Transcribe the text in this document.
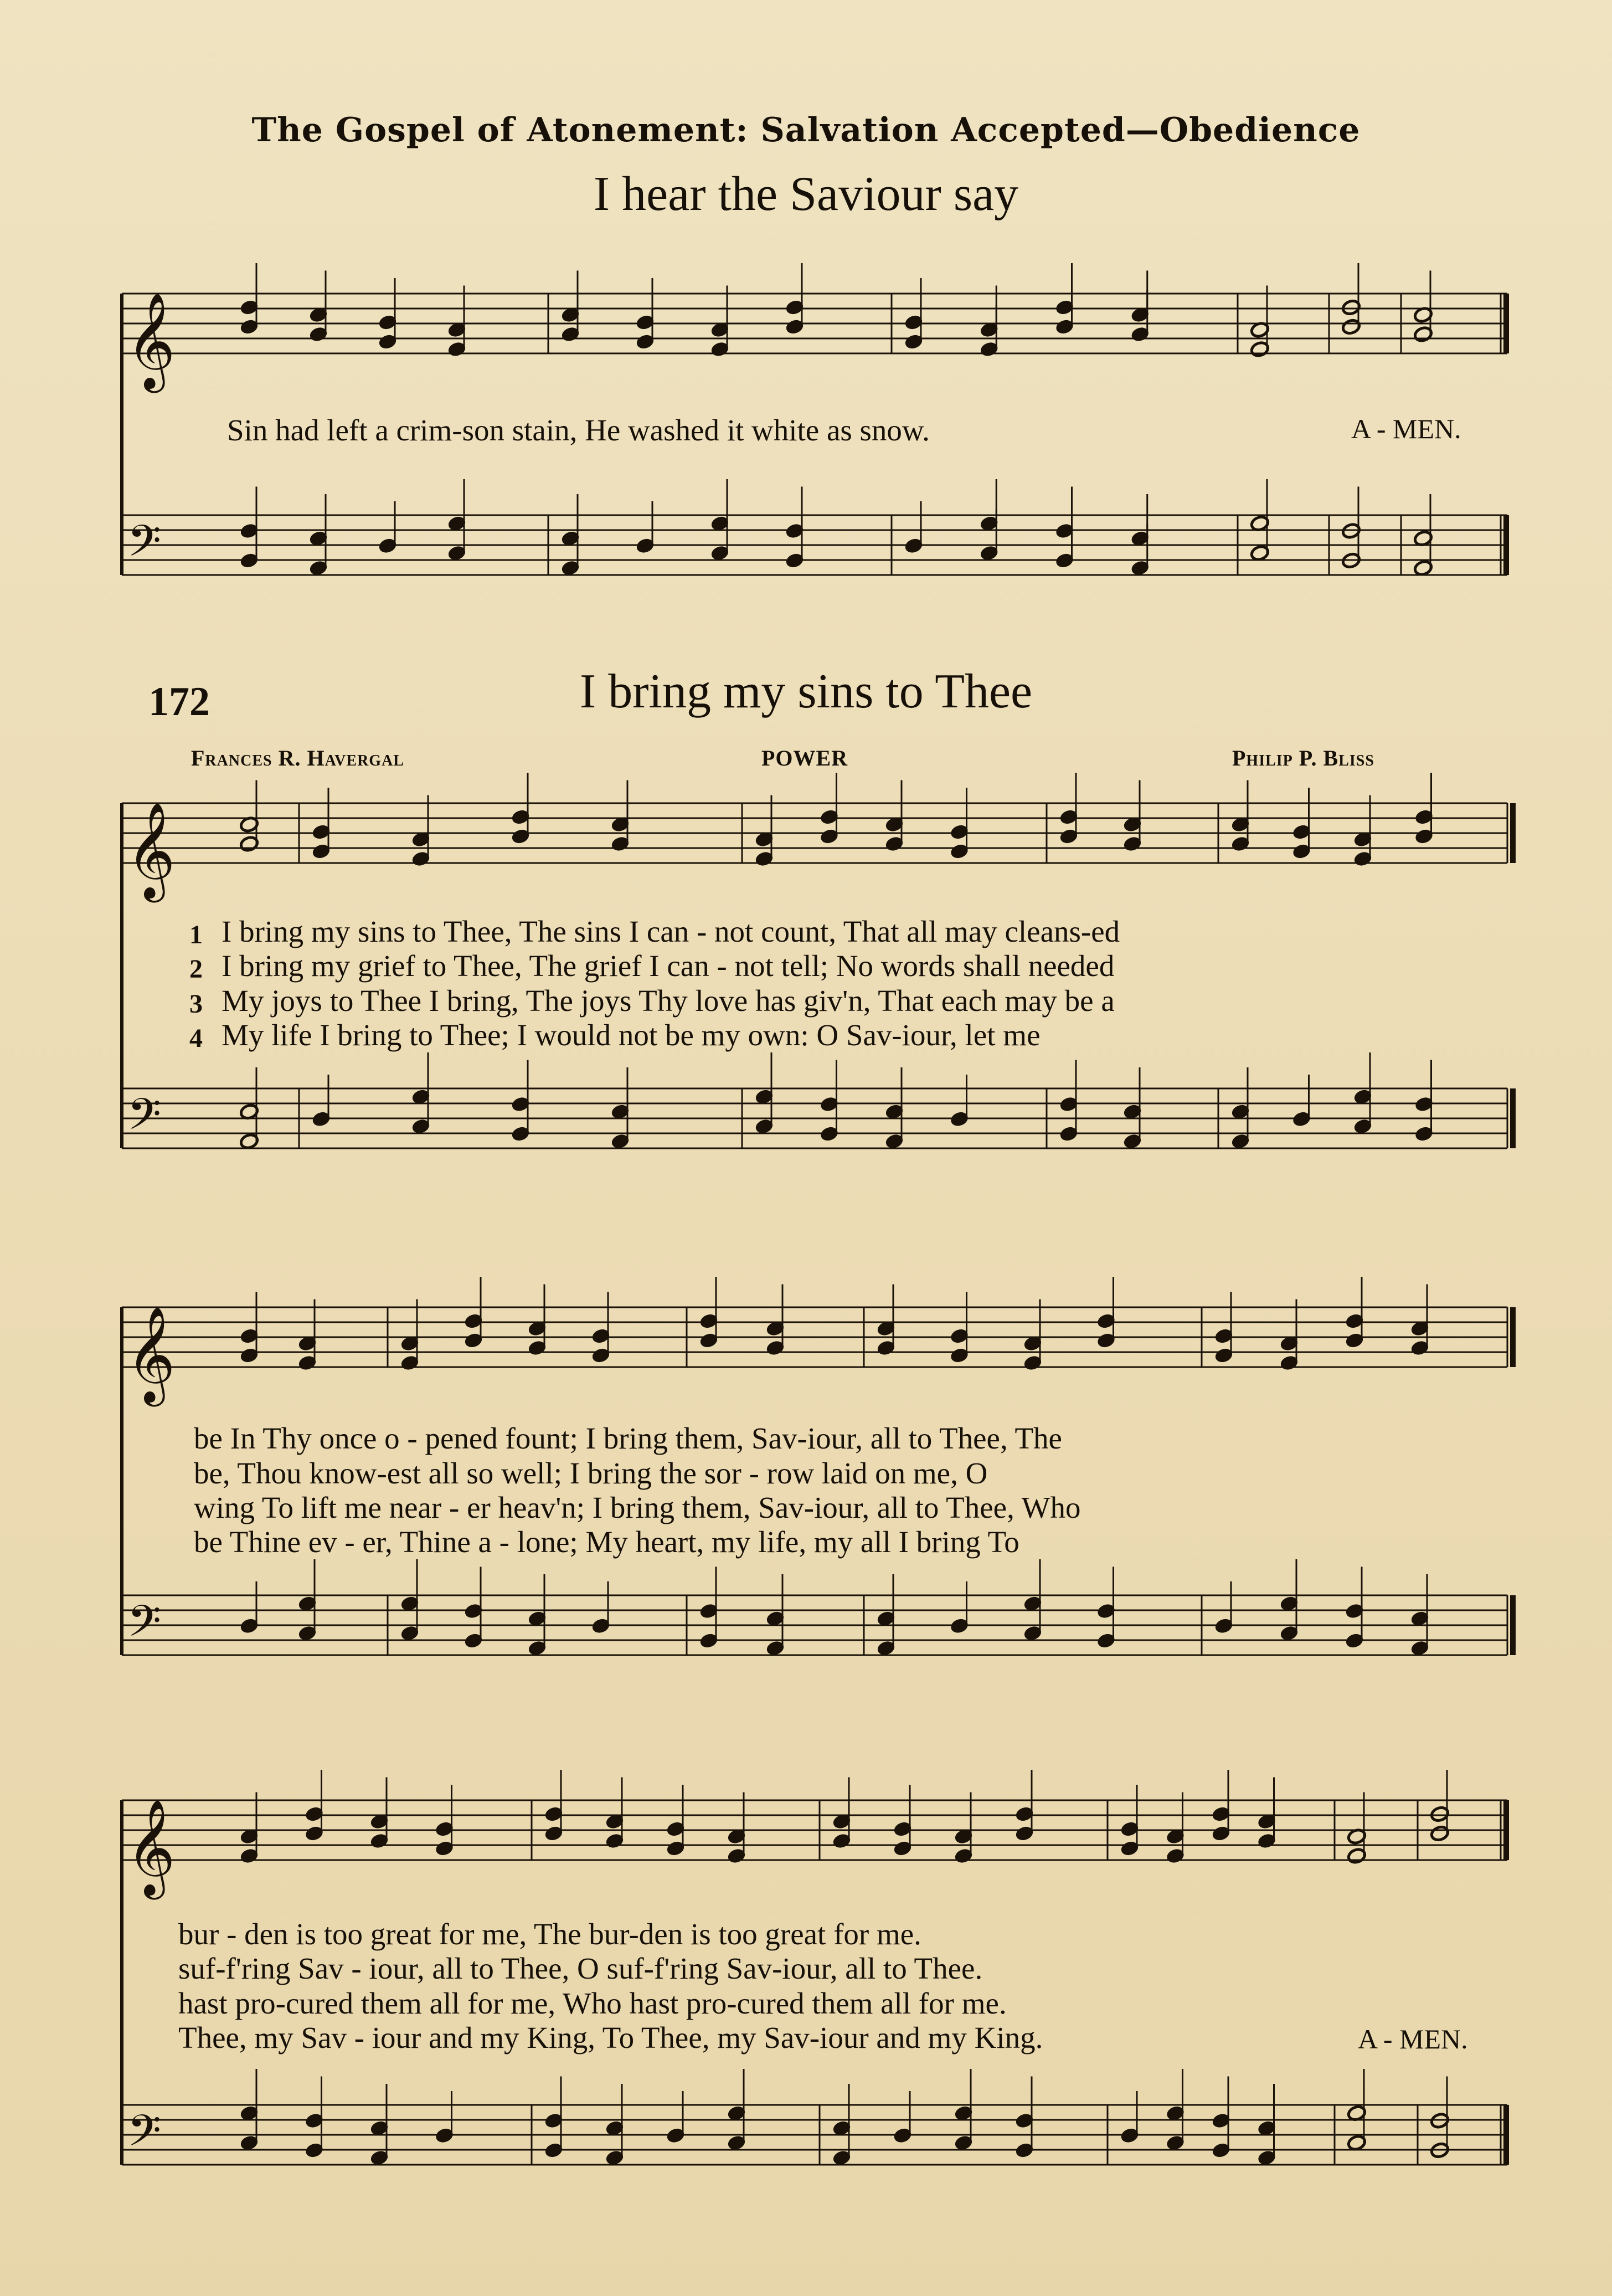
The Gospel of Atonement: Salvation Accepted—Obedience
I hear the Saviour say
𝄞
𝄢
𝄞
𝄢
𝄞
𝄢
𝄞
𝄢
Sin had left a crim-son stain, He washed it white as snow.	A - MEN.
172	I bring my sins to Thee
Frances R. Havergal	POWER	Philip P. Bliss
1
2
3
4
I bring my sins to Thee, The sins I can - not count, That all may cleans-ed
I bring my grief to Thee, The grief I can - not tell; No words shall needed
My joys to Thee I bring, The joys Thy love has giv'n, That each may be a
My life I bring to Thee; I would not be my own: O Sav-iour, let me
be In Thy once o - pened fount; I bring them, Sav-iour, all to Thee, The
be, Thou know-est all so well; I bring the sor - row laid on me, O
wing To lift me near - er heav'n; I bring them, Sav-iour, all to Thee, Who
be Thine ev - er, Thine a - lone; My heart, my life, my all I bring To
bur - den is too great for me, The bur-den is too great for me.
suf-f'ring Sav - iour, all to Thee, O suf-f'ring Sav-iour, all to Thee.
hast pro-cured them all for me, Who hast pro-cured them all for me.
Thee, my Sav - iour and my King, To Thee, my Sav-iour and my King.	A - MEN.
